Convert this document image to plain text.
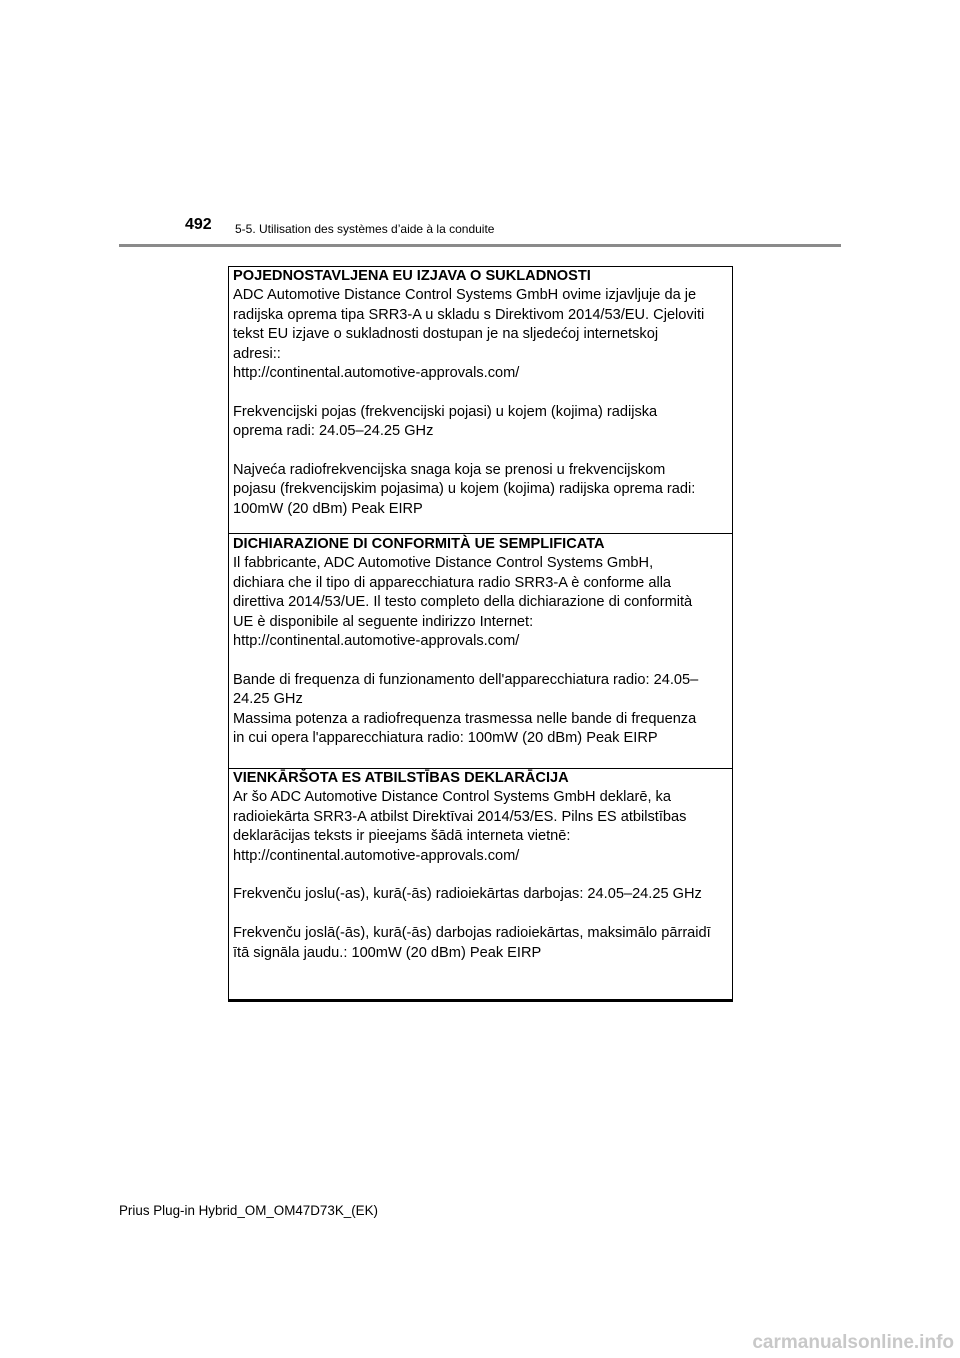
492 5-5. Utilisation des systèmes d’aide à la conduite

POJEDNOSTAVLJENA EU IZJAVA O SUKLADNOSTI

ADC Automotive Distance Control Systems GmbH ovime izjavljuje da je

radijska oprema tipa SRR3-A u skladu s Direktivom 2014/53/EU. Cjeloviti

tekst EU izjave o sukladnosti dostupan je na sljedećoj internetskoj

adresi::

http://continental.automotive-approvals.com/

Frekvencijski pojas (frekvencijski pojasi) u kojem (kojima) radijska

oprema radi: 24.05–24.25 GHz

Najveća radiofrekvencijska snaga koja se prenosi u frekvencijskom

pojasu (frekvencijskim pojasima) u kojem (kojima) radijska oprema radi:

100mW (20 dBm) Peak EIRP

DICHIARAZIONE DI CONFORMITÀ UE SEMPLIFICATA

Il fabbricante, ADC Automotive Distance Control Systems GmbH,

dichiara che il tipo di apparecchiatura radio SRR3-A è conforme alla

direttiva 2014/53/UE. Il testo completo della dichiarazione di conformità

UE è disponibile al seguente indirizzo Internet:

http://continental.automotive-approvals.com/

Bande di frequenza di funzionamento dell'apparecchiatura radio: 24.05–

24.25 GHz

Massima potenza a radiofrequenza trasmessa nelle bande di frequenza

in cui opera l'apparecchiatura radio: 100mW (20 dBm) Peak EIRP

VIENKĀRŠOTA ES ATBILSTĪBAS DEKLARĀCIJA

Ar šo ADC Automotive Distance Control Systems GmbH deklarē, ka

radioiekārta SRR3-A atbilst Direktīvai 2014/53/ES. Pilns ES atbilstības

deklarācijas teksts ir pieejams šādā interneta vietnē:

http://continental.automotive-approvals.com/

Frekvenču joslu(-as), kurā(-ās) radioiekārtas darbojas: 24.05–24.25 GHz

Frekvenču joslā(-ās), kurā(-ās) darbojas radioiekārtas, maksimālo pārraidī

ītā signāla jaudu.: 100mW (20 dBm) Peak EIRP

Prius Plug-in Hybrid_OM_OM47D73K_(EK)
carmanualsonline.info
